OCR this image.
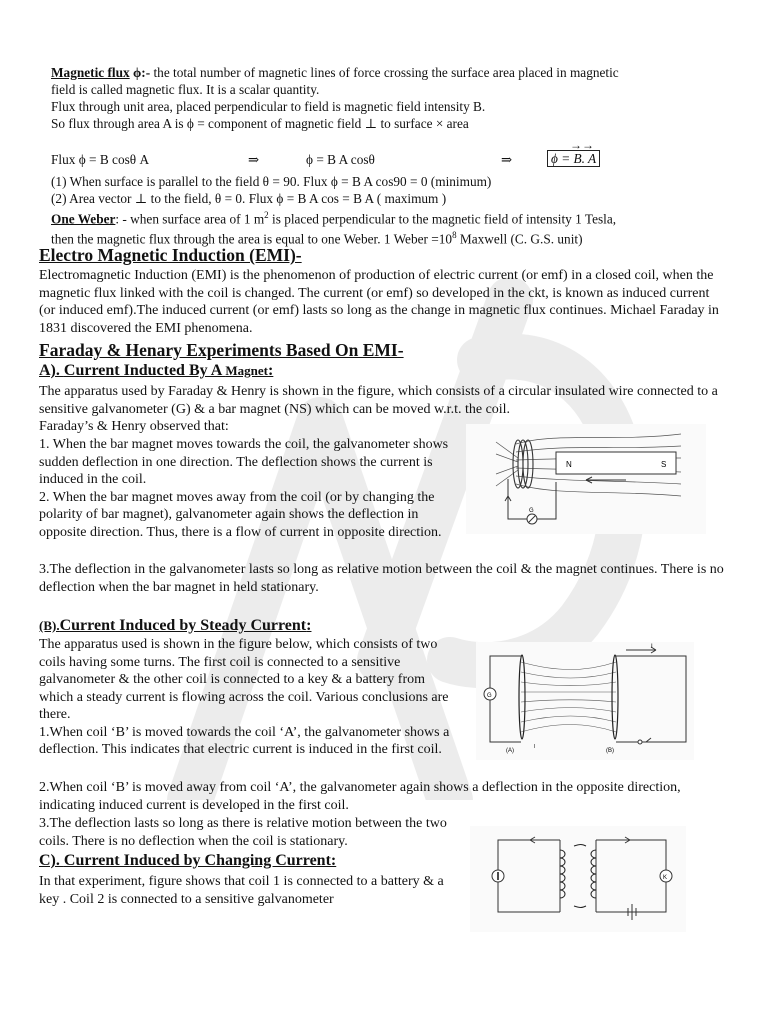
Magnetic flux ϕ:- the total number of magnetic lines of force crossing the surface area placed in magnetic
field is called magnetic flux. It is a scalar quantity.
Flux through unit area, placed perpendicular to field is magnetic field intensity B.
So flux through area A is ϕ = component of magnetic field ⊥ to surface × area
Flux ϕ = B cosθ A	⇒	ϕ = B A cosθ	⇒
→→
ϕ = B. A
(1) When surface is parallel to the field θ = 90. Flux ϕ = B A cos90 = 0 (minimum)
(2) Area vector ⊥ to the field, θ = 0. Flux ϕ = B A cos = B A ( maximum )
One Weber: - when surface area of 1 $m^2$ is placed perpendicular to the magnetic field of intensity 1 Tesla,
then the magnetic flux through the area is equal to one Weber. 1 Weber $=10^8$ Maxwell (C. G.S. unit)
Electro Magnetic Induction (EMI)-
Electromagnetic Induction (EMI) is the phenomenon of production of electric current (or emf) in a closed coil, when the magnetic flux linked with the coil is changed. The current (or emf) so developed in the ckt, is known as induced current (or induced emf).The induced current (or emf) lasts so long as the change in magnetic flux continues. Michael Faraday in 1831 discovered the EMI phenomena.
Faraday & Henary Experiments Based On EMI-
A). Current Inducted By A Magnet:
The apparatus used by Faraday & Henry is shown in the figure, which consists of a circular insulated wire connected to a sensitive galvanometer (G) & a bar magnet (NS) which can be moved w.r.t. the coil.
Faraday’s & Henry observed that:
1. When the bar magnet moves towards the coil, the galvanometer shows sudden deflection in one direction. The deflection shows the current is induced in the coil.
2. When the bar magnet moves away from the coil (or by changing the polarity of bar magnet), galvanometer again shows the deflection in opposite direction. Thus, there is a flow of current in opposite direction.
3.The deflection in the galvanometer lasts so long as relative motion between the coil & the magnet continues. There is no deflection when the bar magnet in held stationary.
N	S
G
(B).Current Induced by Steady Current:
The apparatus used is shown in the figure below, which consists of two coils having some turns. The first coil is connected to a sensitive galvanometer & the other coil is connected to a key & a battery from which a steady current is flowing across the coil. Various conclusions are there.
1.When coil ‘B’ is moved towards the coil ‘A’, the galvanometer shows a deflection. This indicates that electric current is induced in the first coil.
2.When coil ‘B’ is moved away from coil ‘A’, the galvanometer again shows a deflection in the opposite direction, indicating induced current is developed in the first coil.
3.The deflection lasts so long as there is relative motion between the two coils. There is no deflection when the coil is stationary.
G
(A)	(B)
I
I
C). Current Induced by Changing Current:
In that experiment, figure shows that coil 1 is connected to a battery & a key . Coil 2 is connected to a sensitive galvanometer
K
